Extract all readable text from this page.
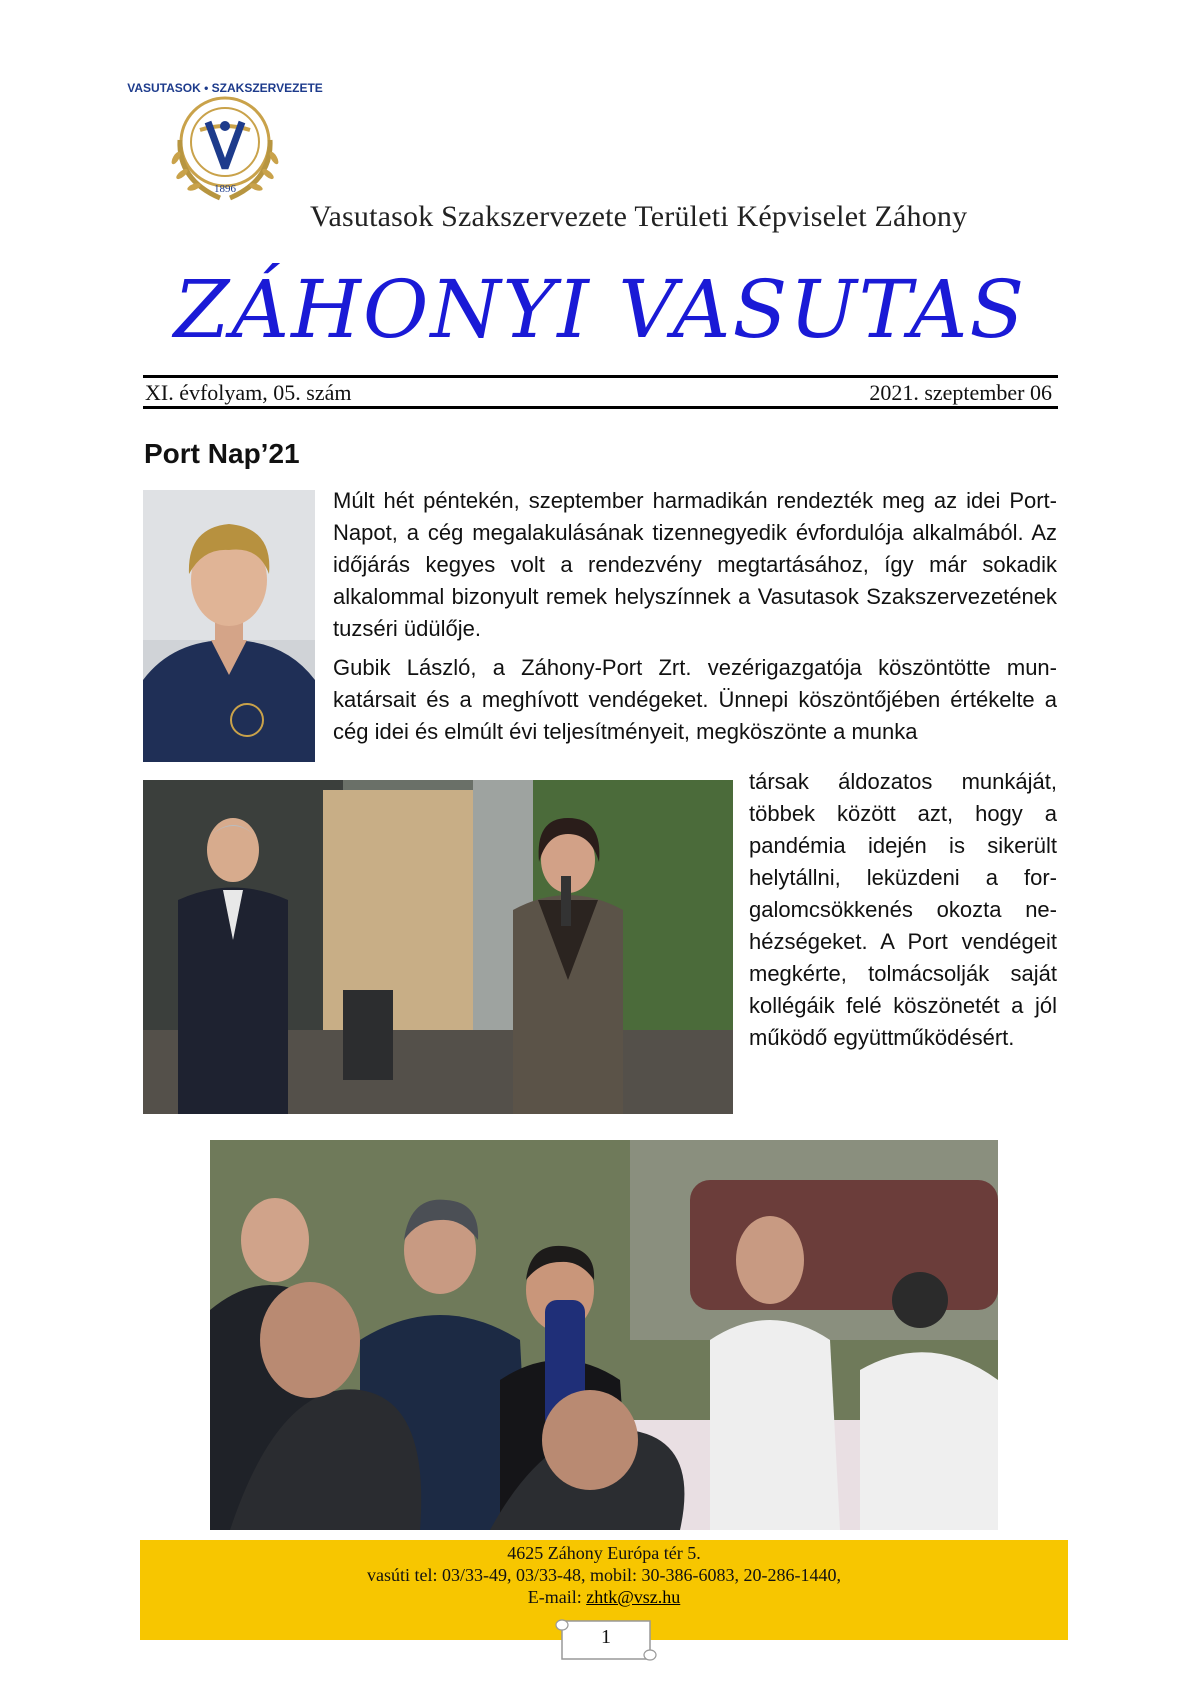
VASUTASOK • SZAKSZERVEZETE
1896
Vasutasok Szakszervezete Területi Képviselet Záhony
ZÁHONYI VASUTAS
XI. évfolyam, 05. szám	2021. szeptember 06
Port Nap’21
Múlt hét péntekén, szeptember harmadikán rendezték meg az idei Port-Napot, a cég megalakulásának tizennegyedik évfordulója alkalmából. Az időjárás kegyes volt a rendezvény megtartásához, így már sokadik alkalommal bizonyult remek helyszínnek a Vasutasok Szakszervezetének tuzséri üdülője.
Gubik László, a Záhony-Port Zrt. vezérigazgatója köszöntötte munkatársait és a meghívott vendégeket. Ünnepi köszöntőjében értékelte a cég idei és elmúlt évi teljesítményeit, megköszönte a munka
társak áldozatos munkáját, többek között azt, hogy a pandémia idején is sikerült helytállni, leküzdeni a forgalomcsökkenés okozta nehézségeket. A Port vendégeit megkérte, tolmácsolják saját kollégáik felé köszönetét a jól működő együttműködésért.
4625 Záhony Európa tér 5.
vasúti tel: 03/33-49, 03/33-48, mobil: 30-386-6083, 20-286-1440,
E-mail: zhtk@vsz.hu
1
